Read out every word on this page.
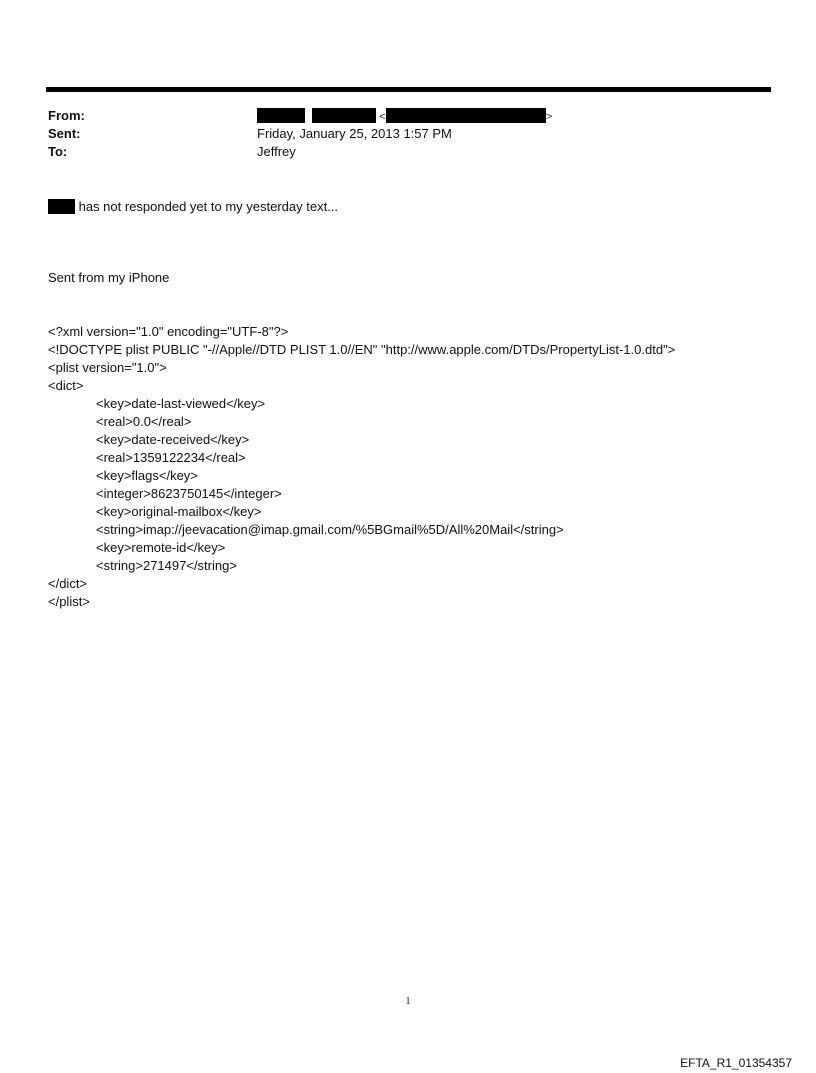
From:	<	>
Sent:	Friday, January 25, 2013 1:57 PM
To:	Jeffrey
has not responded yet to my yesterday text...

Sent from my iPhone

<?xml version="1.0" encoding="UTF-8"?>
<!DOCTYPE plist PUBLIC "-//Apple//DTD PLIST 1.0//EN" "http://www.apple.com/DTDs/PropertyList-1.0.dtd">
<plist version="1.0">
<dict>
<key>date-last-viewed</key>
<real>0.0</real>
<key>date-received</key>
<real>1359122234</real>
<key>flags</key>
<integer>8623750145</integer>
<key>original-mailbox</key>
<string>imap://jeevacation@imap.gmail.com/%5BGmail%5D/All%20Mail</string>
<key>remote-id</key>
<string>271497</string>
</dict>
</plist>

1
EFTA_R1_01354357
